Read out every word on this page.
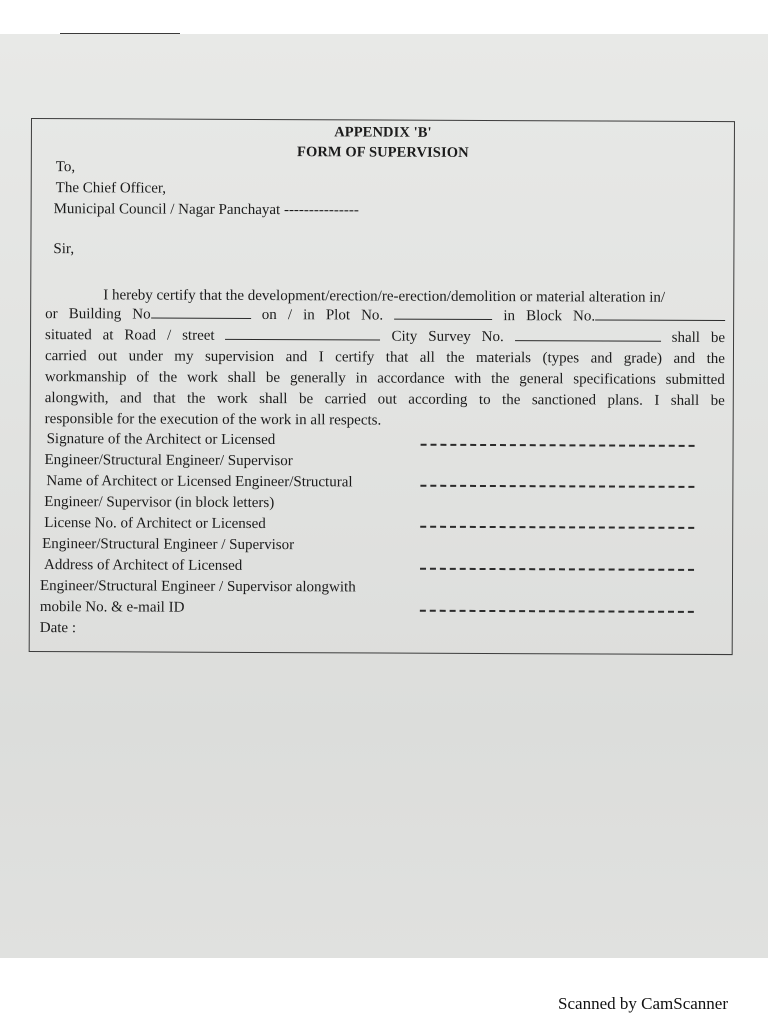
APPENDIX 'B'
FORM OF SUPERVISION
To,
The Chief Officer,
Municipal Council / Nagar Panchayat ---------------
Sir,
I hereby certify that the development/erection/re-erection/demolition or material alteration in/
or Building No	on / in Plot No.	in Block No.
situated at Road / street	City Survey No.	shall be
carried out under my supervision and I certify that all the materials (types and grade) and the
workmanship of the work shall be generally in accordance with the general specifications submitted
alongwith, and that the work shall be carried out according to the sanctioned plans. I shall be
responsible for the execution of the work in all respects.
Signature of the Architect or Licensed
Engineer/Structural Engineer/ Supervisor
Name of Architect or Licensed Engineer/Structural
Engineer/ Supervisor (in block letters)
License No. of Architect or Licensed
Engineer/Structural Engineer / Supervisor
Address of Architect of Licensed
Engineer/Structural Engineer / Supervisor alongwith
mobile No. & e-mail ID
Date :
Scanned by CamScanner
